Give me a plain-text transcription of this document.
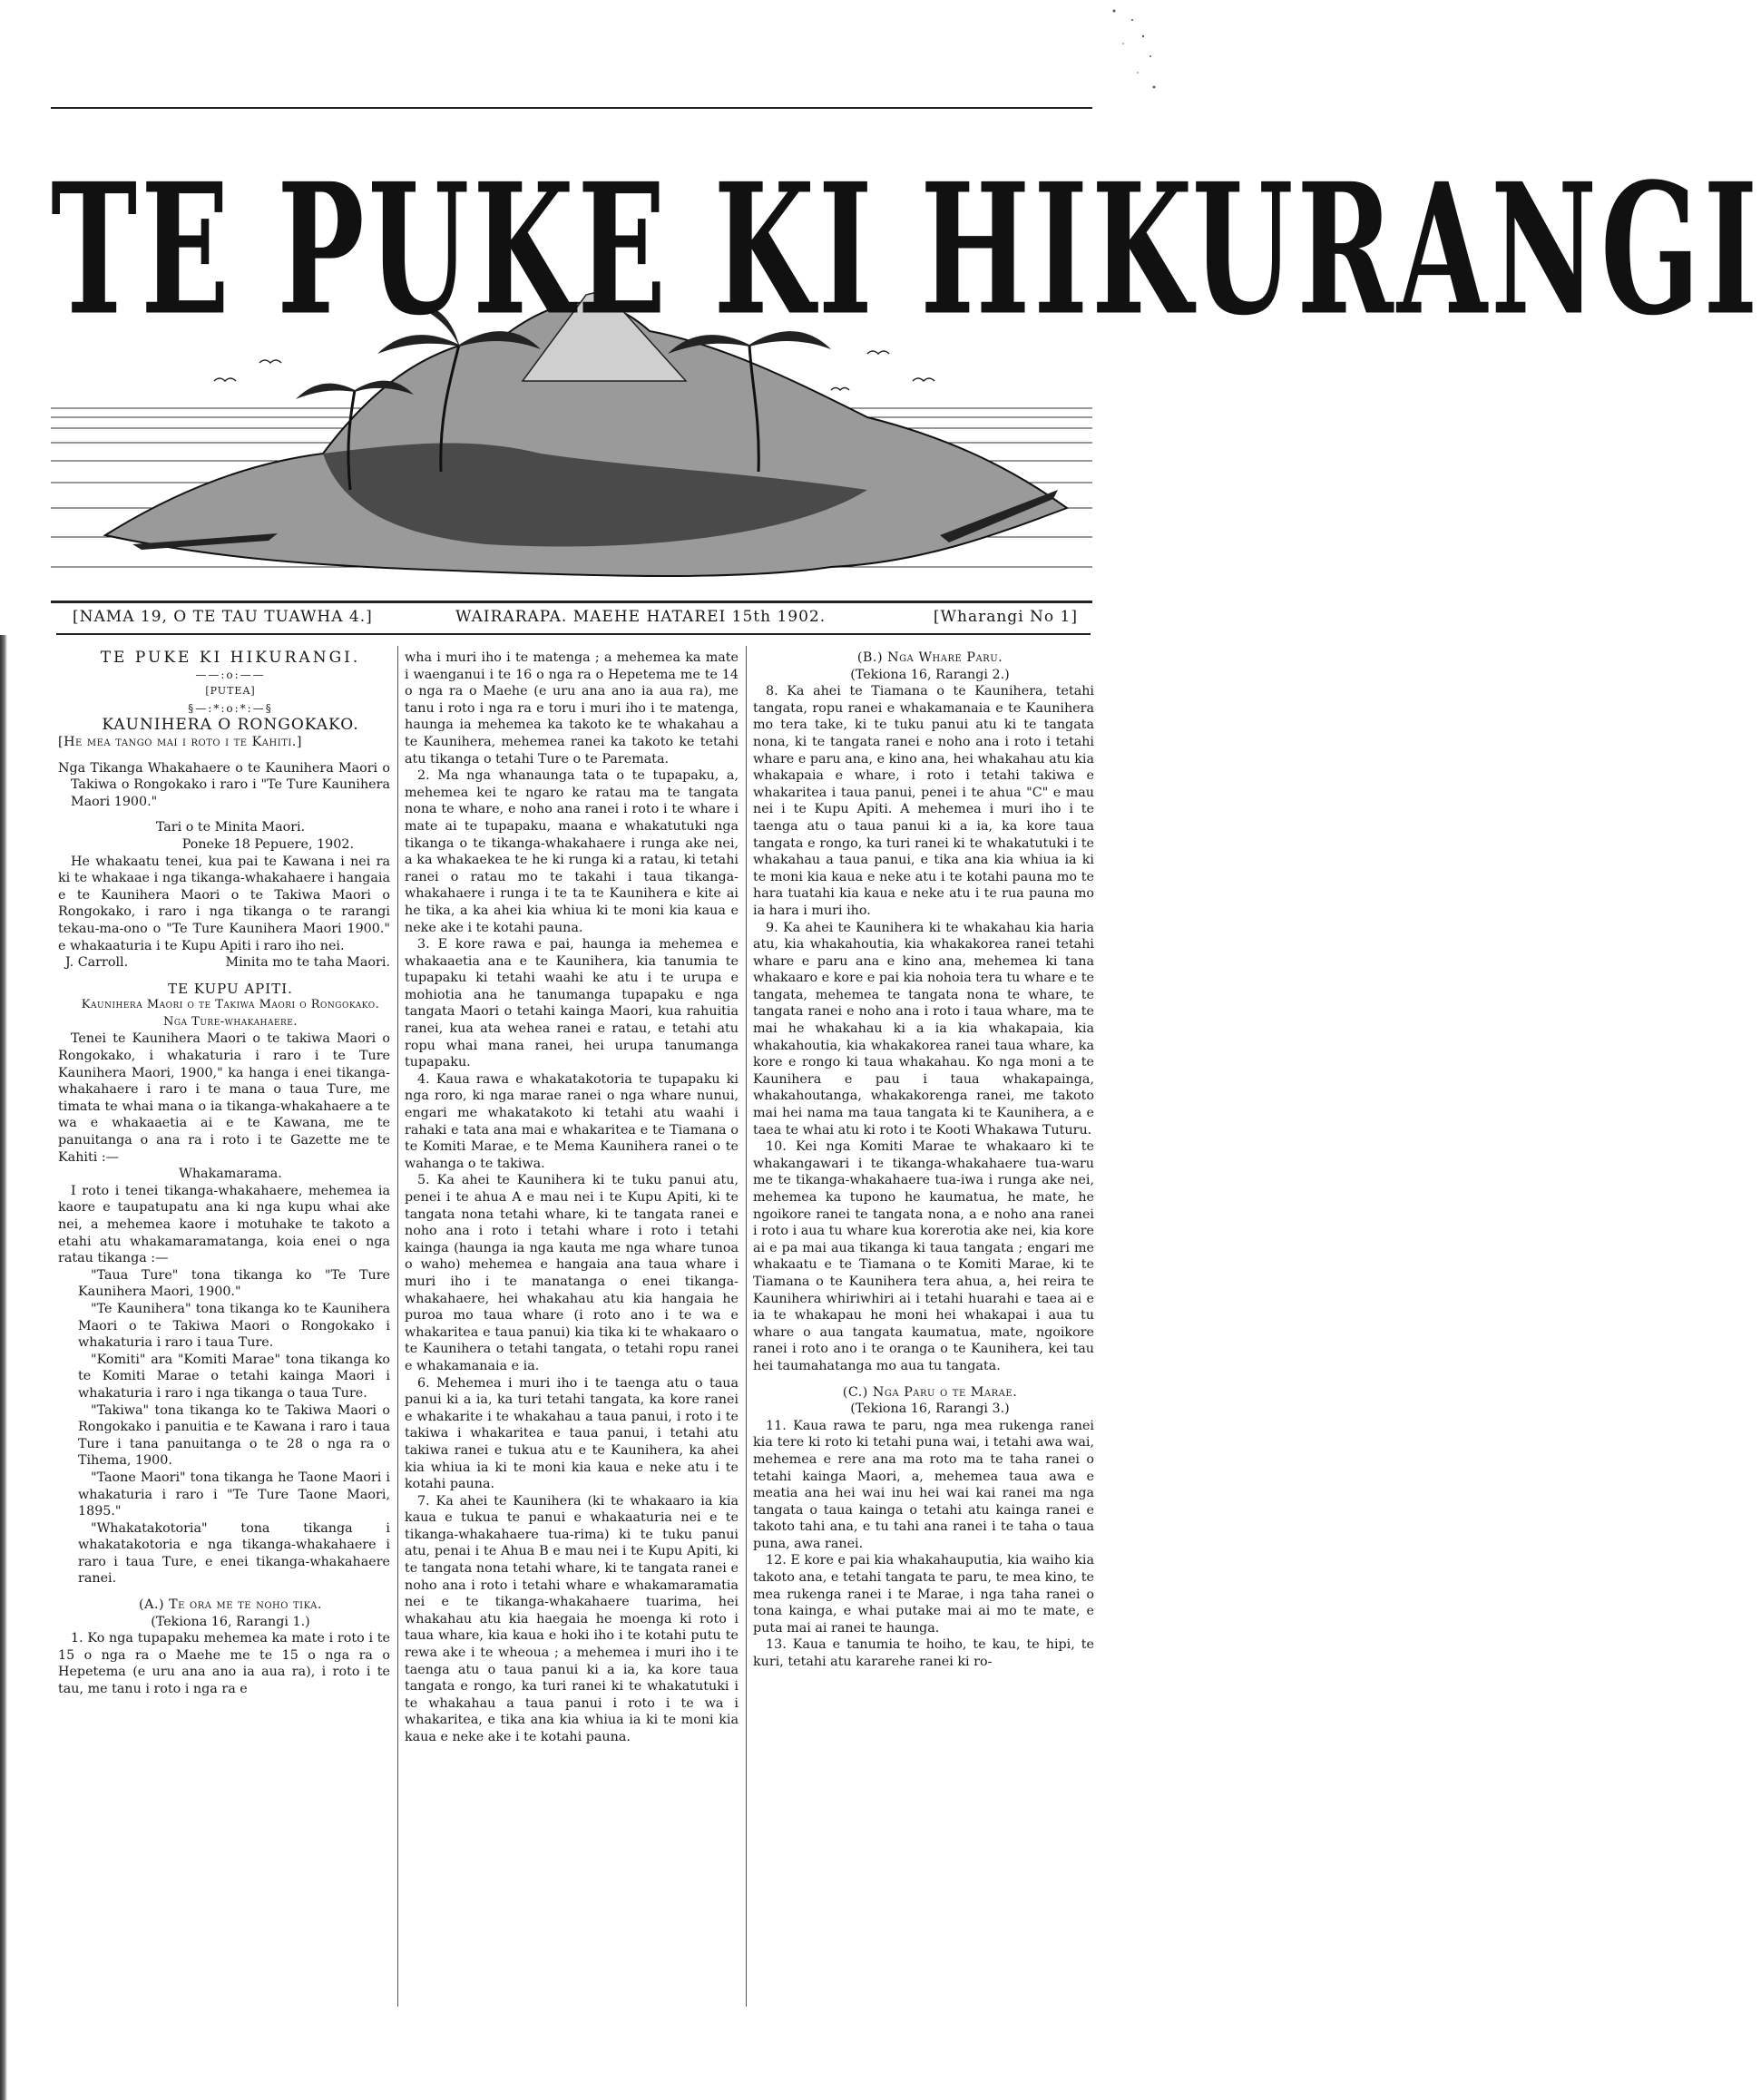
TE PUKE KI HIKURANGI
[NAMA 19, O TE TAU TUAWHA 4.]	WAIRARAPA. MAEHE HATAREI 15th 1902.	[Wharangi No 1]

TE PUKE KI HIKURANGI.

——:o:——

[PUTEA]

§—:*:o:*:—§

KAUNIHERA O RONGOKAKO.

[He mea tango mai i roto i te Kahiti.]

Nga Tikanga Whakahaere o te Kaunihera Maori o Takiwa o Rongokako i raro i "Te Ture Kaunihera Maori 1900."

Tari o te Minita Maori.

Poneke 18 Pepuere, 1902.

He whakaatu tenei, kua pai te Kawana i nei ra ki te whakaae i nga tikanga-whakahaere i hangaia e te Kaunihera Maori o te Takiwa Maori o Rongokako, i raro i nga tikanga o te rarangi tekau-ma-ono o "Te Ture Kaunihera Maori 1900." e whakaaturia i te Kupu Apiti i raro iho nei.

J. Carroll.	Minita mo te taha Maori.

TE KUPU APITI.

Kaunihera Maori o te Takiwa Maori o Rongokako.

Nga Ture-whakahaere.

Tenei te Kaunihera Maori o te takiwa Maori o Rongokako, i whakaturia i raro i te Ture Kaunihera Maori, 1900," ka hanga i enei tikanga-whakahaere i raro i te mana o taua Ture, me timata te whai mana o ia tikanga-whakahaere a te wa e whakaaetia ai e te Kawana, me te panuitanga o ana ra i roto i te Gazette me te Kahiti :—

Whakamarama.

I roto i tenei tikanga-whakahaere, mehemea ia kaore e taupatupatu ana ki nga kupu whai ake nei, a mehemea kaore i motuhake te takoto a etahi atu whakamaramatanga, koia enei o nga ratau tikanga :—

"Taua Ture" tona tikanga ko "Te Ture Kaunihera Maori, 1900."

"Te Kaunihera" tona tikanga ko te Kaunihera Maori o te Takiwa Maori o Rongokako i whakaturia i raro i taua Ture.

"Komiti" ara "Komiti Marae" tona tikanga ko te Komiti Marae o tetahi kainga Maori i whakaturia i raro i nga tikanga o taua Ture.

"Takiwa" tona tikanga ko te Takiwa Maori o Rongokako i panuitia e te Kawana i raro i taua Ture i tana panuitanga o te 28 o nga ra o Tihema, 1900.

"Taone Maori" tona tikanga he Taone Maori i whakaturia i raro i "Te Ture Taone Maori, 1895."

"Whakatakotoria" tona tikanga i whakatakotoria e nga tikanga-whakahaere i raro i taua Ture, e enei tikanga-whakahaere ranei.

(A.) Te ora me te noho tika.

(Tekiona 16, Rarangi 1.)

1. Ko nga tupapaku mehemea ka mate i roto i te 15 o nga ra o Maehe me te 15 o nga ra o Hepetema (e uru ana ano ia aua ra), i roto i te tau, me tanu i roto i nga ra e

wha i muri iho i te matenga ; a mehemea ka mate i waenganui i te 16 o nga ra o Hepetema me te 14 o nga ra o Maehe (e uru ana ano ia aua ra), me tanu i roto i nga ra e toru i muri iho i te matenga, haunga ia mehemea ka takoto ke te whakahau a te Kaunihera, mehemea ranei ka takoto ke tetahi atu tikanga o tetahi Ture o te Paremata.

2. Ma nga whanaunga tata o te tupapaku, a, mehemea kei te ngaro ke ratau ma te tangata nona te whare, e noho ana ranei i roto i te whare i mate ai te tupapaku, maana e whakatutuki nga tikanga o te tikanga-whakahaere i runga ake nei, a ka whakaekea te he ki runga ki a ratau, ki tetahi ranei o ratau mo te takahi i taua tikanga-whakahaere i runga i te ta te Kaunihera e kite ai he tika, a ka ahei kia whiua ki te moni kia kaua e neke ake i te kotahi pauna.

3. E kore rawa e pai, haunga ia mehemea e whakaaetia ana e te Kaunihera, kia tanumia te tupapaku ki tetahi waahi ke atu i te urupa e mohiotia ana he tanumanga tupapaku e nga tangata Maori o tetahi kainga Maori, kua rahuitia ranei, kua ata wehea ranei e ratau, e tetahi atu ropu whai mana ranei, hei urupa tanumanga tupapaku.

4. Kaua rawa e whakatakotoria te tupapaku ki nga roro, ki nga marae ranei o nga whare nunui, engari me whakatakoto ki tetahi atu waahi i rahaki e tata ana mai e whakaritea e te Tiamana o te Komiti Marae, e te Mema Kaunihera ranei o te wahanga o te takiwa.

5. Ka ahei te Kaunihera ki te tuku panui atu, penei i te ahua A e mau nei i te Kupu Apiti, ki te tangata nona tetahi whare, ki te tangata ranei e noho ana i roto i tetahi whare i roto i tetahi kainga (haunga ia nga kauta me nga whare tunoa o waho) mehemea e hangaia ana taua whare i muri iho i te manatanga o enei tikanga-whakahaere, hei whakahau atu kia hangaia he puroa mo taua whare (i roto ano i te wa e whakaritea e taua panui) kia tika ki te whakaaro o te Kaunihera o tetahi tangata, o tetahi ropu ranei e whakamanaia e ia.

6. Mehemea i muri iho i te taenga atu o taua panui ki a ia, ka turi tetahi tangata, ka kore ranei e whakarite i te whakahau a taua panui, i roto i te takiwa i whakaritea e taua panui, i tetahi atu takiwa ranei e tukua atu e te Kaunihera, ka ahei kia whiua ia ki te moni kia kaua e neke atu i te kotahi pauna.

7. Ka ahei te Kaunihera (ki te whakaaro ia kia kaua e tukua te panui e whakaaturia nei e te tikanga-whakahaere tua-rima) ki te tuku panui atu, penai i te Ahua B e mau nei i te Kupu Apiti, ki te tangata nona tetahi whare, ki te tangata ranei e noho ana i roto i tetahi whare e whakamaramatia nei e te tikanga-whakahaere tuarima, hei whakahau atu kia haegaia he moenga ki roto i taua whare, kia kaua e hoki iho i te kotahi putu te rewa ake i te wheoua ; a mehemea i muri iho i te taenga atu o taua panui ki a ia, ka kore taua tangata e rongo, ka turi ranei ki te whakatutuki i te whakahau a taua panui i roto i te wa i whakaritea, e tika ana kia whiua ia ki te moni kia kaua e neke ake i te kotahi pauna.

(B.) Nga Whare Paru.

(Tekiona 16, Rarangi 2.)

8. Ka ahei te Tiamana o te Kaunihera, tetahi tangata, ropu ranei e whakamanaia e te Kaunihera mo tera take, ki te tuku panui atu ki te tangata nona, ki te tangata ranei e noho ana i roto i tetahi whare e paru ana, e kino ana, hei whakahau atu kia whakapaia e whare, i roto i tetahi takiwa e whakaritea i taua panui, penei i te ahua "C" e mau nei i te Kupu Apiti. A mehemea i muri iho i te taenga atu o taua panui ki a ia, ka kore taua tangata e rongo, ka turi ranei ki te whakatutuki i te whakahau a taua panui, e tika ana kia whiua ia ki te moni kia kaua e neke atu i te kotahi pauna mo te hara tuatahi kia kaua e neke atu i te rua pauna mo ia hara i muri iho.

9. Ka ahei te Kaunihera ki te whakahau kia haria atu, kia whakahoutia, kia whakakorea ranei tetahi whare e paru ana e kino ana, mehemea ki tana whakaaro e kore e pai kia nohoia tera tu whare e te tangata, mehemea te tangata nona te whare, te tangata ranei e noho ana i roto i taua whare, ma te mai he whakahau ki a ia kia whakapaia, kia whakahoutia, kia whakakorea ranei taua whare, ka kore e rongo ki taua whakahau. Ko nga moni a te Kaunihera e pau i taua whakapainga, whakahoutanga, whakakorenga ranei, me takoto mai hei nama ma taua tangata ki te Kaunihera, a e taea te whai atu ki roto i te Kooti Whakawa Tuturu.

10. Kei nga Komiti Marae te whakaaro ki te whakangawari i te tikanga-whakahaere tua-waru me te tikanga-whakahaere tua-iwa i runga ake nei, mehemea ka tupono he kaumatua, he mate, he ngoikore ranei te tangata nona, a e noho ana ranei i roto i aua tu whare kua korerotia ake nei, kia kore ai e pa mai aua tikanga ki taua tangata ; engari me whakaatu e te Tiamana o te Komiti Marae, ki te Tiamana o te Kaunihera tera ahua, a, hei reira te Kaunihera whiriwhiri ai i tetahi huarahi e taea ai e ia te whakapau he moni hei whakapai i aua tu whare o aua tangata kaumatua, mate, ngoikore ranei i roto ano i te oranga o te Kaunihera, kei tau hei taumahatanga mo aua tu tangata.

(C.) Nga Paru o te Marae.

(Tekiona 16, Rarangi 3.)

11. Kaua rawa te paru, nga mea rukenga ranei kia tere ki roto ki tetahi puna wai, i tetahi awa wai, mehemea e rere ana ma roto ma te taha ranei o tetahi kainga Maori, a, mehemea taua awa e meatia ana hei wai inu hei wai kai ranei ma nga tangata o taua kainga o tetahi atu kainga ranei e takoto tahi ana, e tu tahi ana ranei i te taha o taua puna, awa ranei.

12. E kore e pai kia whakahauputia, kia waiho kia takoto ana, e tetahi tangata te paru, te mea kino, te mea rukenga ranei i te Marae, i nga taha ranei o tona kainga, e whai putake mai ai mo te mate, e puta mai ai ranei te haunga.

13. Kaua e tanumia te hoiho, te kau, te hipi, te kuri, tetahi atu kararehe ranei ki ro-
